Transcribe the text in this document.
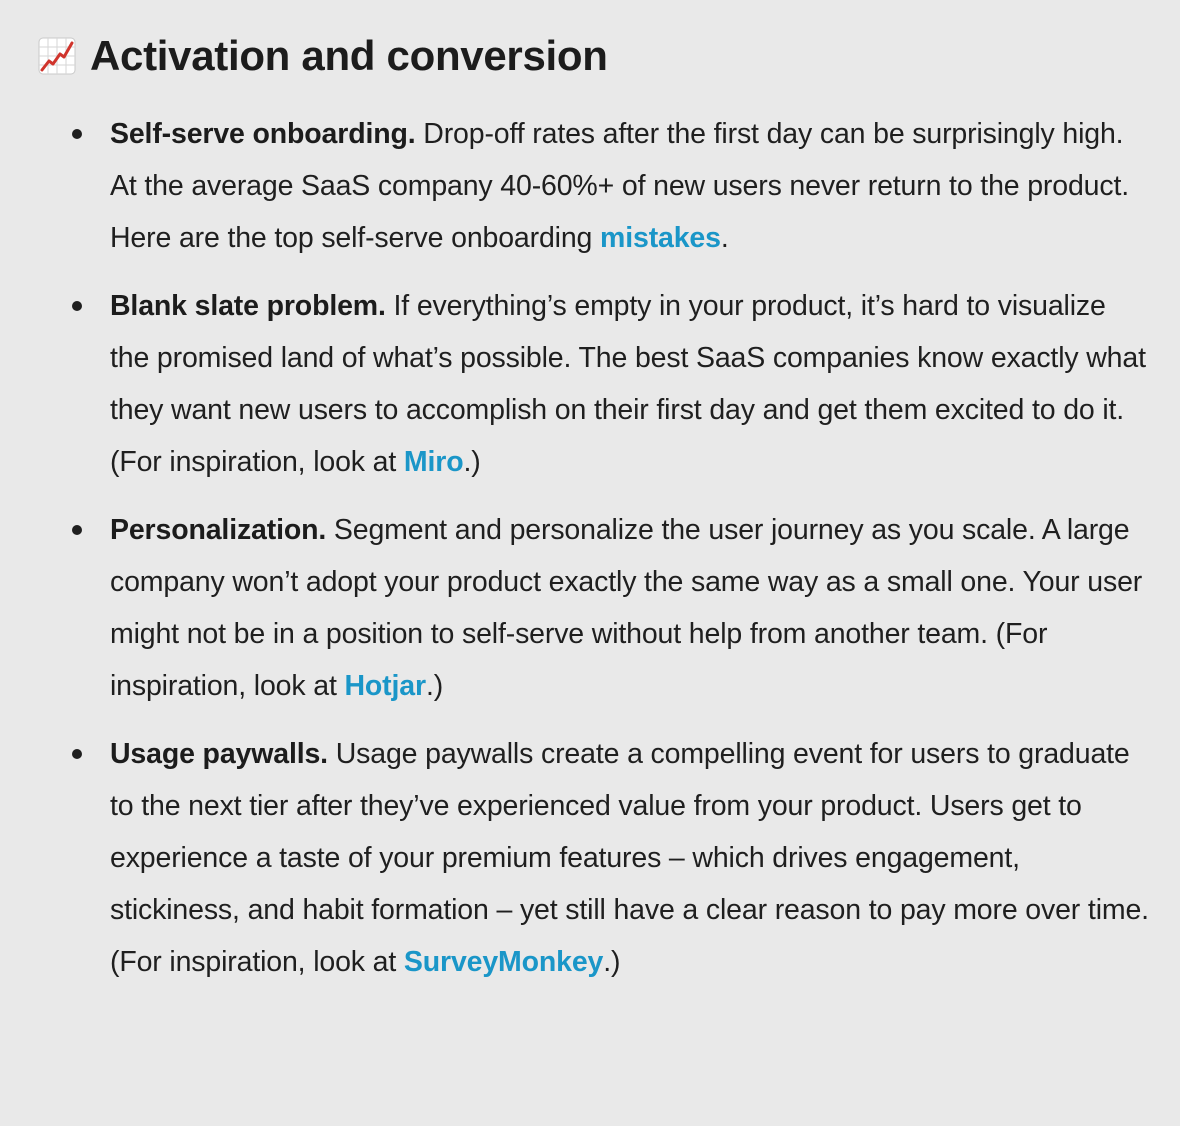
Activation and conversion
Self-serve onboarding. Drop-off rates after the first day can be surprisingly high. At the average SaaS company 40-60%+ of new users never return to the product. Here are the top self-serve onboarding mistakes.
Blank slate problem. If everything’s empty in your product, it’s hard to visualize the promised land of what’s possible. The best SaaS companies know exactly what they want new users to accomplish on their first day and get them excited to do it. (For inspiration, look at Miro.)
Personalization. Segment and personalize the user journey as you scale. A large company won’t adopt your product exactly the same way as a small one. Your user might not be in a position to self-serve without help from another team. (For inspiration, look at Hotjar.)
Usage paywalls. Usage paywalls create a compelling event for users to graduate to the next tier after they’ve experienced value from your product. Users get to experience a taste of your premium features – which drives engagement, stickiness, and habit formation – yet still have a clear reason to pay more over time. (For inspiration, look at SurveyMonkey.)
